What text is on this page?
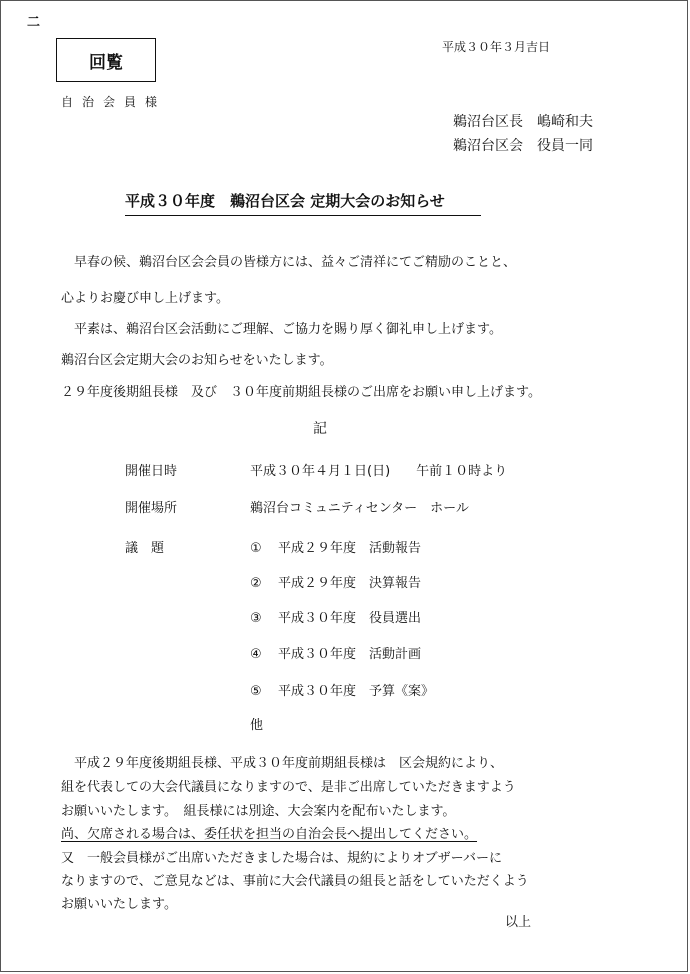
二
回覧
自治会員様
平成３０年３月吉日
鵜沼台区長　嶋崎和夫
鵜沼台区会　役員一同
平成３０年度　鵜沼台区会 定期大会のお知らせ
早春の候、鵜沼台区会会員の皆様方には、益々ご清祥にてご精励のことと、
心よりお慶び申し上げます。
平素は、鵜沼台区会活動にご理解、ご協力を賜り厚く御礼申し上げます。
鵜沼台区会定期大会のお知らせをいたします。
２９年度後期組長様　及び　３０年度前期組長様のご出席をお願い申し上げます。
記
開催日時	平成３０年４月１日(日)　　午前１０時より
開催場所	鵜沼台コミュニティセンター　ホール
議　題	① 平成２９年度　活動報告
② 平成２９年度　決算報告
③ 平成３０年度　役員選出
④ 平成３０年度　活動計画
⑤ 平成３０年度　予算《案》
他
平成２９年度後期組長様、平成３０年度前期組長様は　区会規約により、
組を代表しての大会代議員になりますので、是非ご出席していただきますよう
お願いいたします。　組長様には別途、大会案内を配布いたします。
尚、欠席される場合は、委任状を担当の自治会長へ提出してください。
又　一般会員様がご出席いただきました場合は、規約によりオブザーバーに
なりますので、ご意見などは、事前に大会代議員の組長と話をしていただくよう
お願いいたします。
以上
